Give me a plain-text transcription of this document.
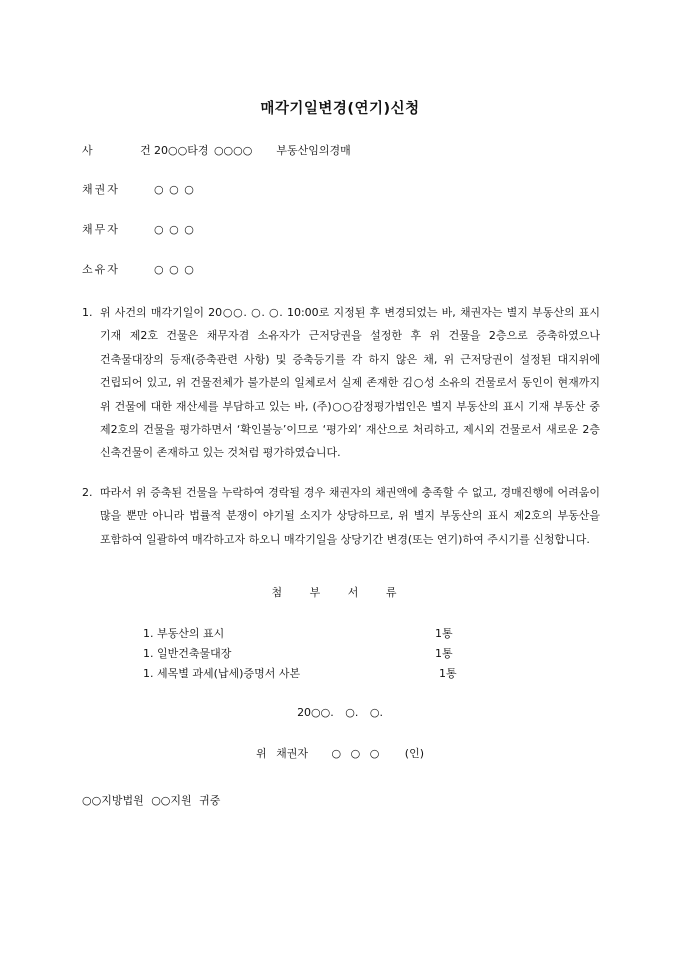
매각기일변경(연기)신청
사 건20○○타경 ○○○○ 부동산임의경매
채권자	○ ○ ○
채무자	○ ○ ○
소유자	○ ○ ○
1. 위 사건의 매각기일이 20○○. ○. ○. 10:00로 지정된 후 변경되었는 바, 채권자는 별지 부동산의 표시 기재 제2호 건물은 채무자겸 소유자가 근저당권을 설정한 후 위 건물을 2층으로 증축하였으나 건축물대장의 등재(증축관련 사항) 및 증축등기를 각 하지 않은 채, 위 근저당권이 설정된 대지위에 건립되어 있고, 위 건물전체가 불가분의 일체로서 실제 존재한 김○성 소유의 건물로서 동인이 현재까지 위 건물에 대한 재산세를 부담하고 있는 바, (주)○○감정평가법인은 별지 부동산의 표시 기재 부동산 중 제2호의 건물을 평가하면서 ‘확인불능’이므로 ‘평가외’ 재산으로 처리하고, 제시외 건물로서 새로운 2층 신축건물이 존재하고 있는 것처럼 평가하였습니다.
2. 따라서 위 증축된 건물을 누락하여 경락될 경우 채권자의 채권액에 충족할 수 없고, 경매진행에 어려움이 많을 뿐만 아니라 법률적 분쟁이 야기될 소지가 상당하므로, 위 별지 부동산의 표시 제2호의 부동산을 포함하여 일괄하여 매각하고자 하오니 매각기일을 상당기간 변경(또는 연기)하여 주시기를 신청합니다.
첨 부 서 류
1. 부동산의 표시	1통
1. 일반건축물대장	1통
1. 세목별 과세(납세)증명서 사본	1통
20○○. ○. ○.
위 채권자 ○ ○ ○ (인)
○○지방법원 ○○지원 귀중
